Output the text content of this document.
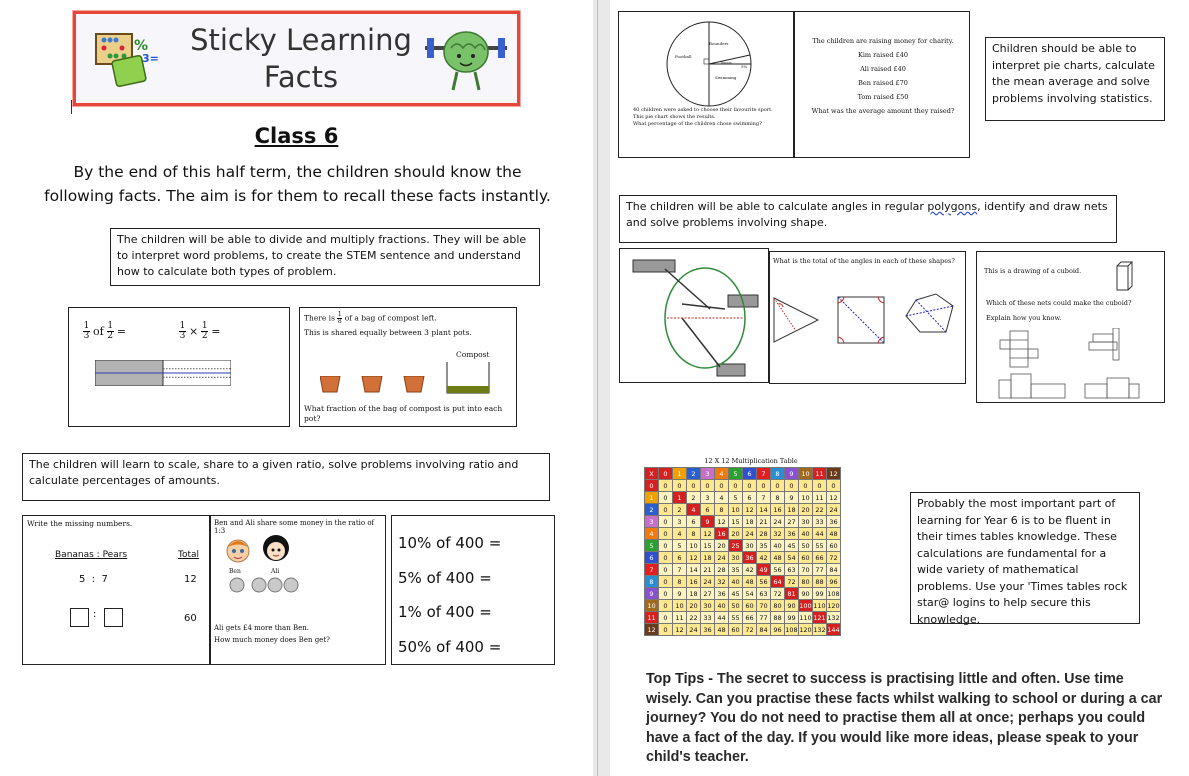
%
3=
Sticky Learning
Facts
Class 6
By the end of this half term, the children should know the following facts. The aim is for them to recall these facts instantly.
The children will be able to divide and multiply fractions. They will be able to interpret word problems, to create the STEM sentence and understand how to calculate both types of problem.
1
3 of 1
2 =	1
3 × 1
2 =
There is $\frac{1}{8}$ of a bag of compost left.
This is shared equally between 3 plant pots.
Compost
What fraction of the bag of compost is put into each pot?
The children will learn to scale, share to a given ratio, solve problems involving ratio and calculate percentages of amounts.
Write the missing numbers.
Bananas : Pears	Total
5  :  7	12
:	60
Ben and Ali share some money in the ratio of 1:3
Ben	Ali
Ali gets £4 more than Ben.
How much money does Ben get?
10% of 400 =
5% of 400 =
1% of 400 =
50% of 400 =
Rounders
Football
Tennis
5%
Swimming
40 children were asked to choose their favourite sport.
This pie chart shows the results.
What percentage of the children chose swimming?
The children are raising money for charity.
Kim raised £40
Ali raised £40
Ben raised £70
Tom raised £50
What was the average amount they raised?
Children should be able to interpret pie charts, calculate the mean average and solve problems involving statistics.
The children will be able to calculate angles in regular polygons, identify and draw nets and solve problems involving shape.
What is the total of the angles in each of these shapes?
This is a drawing of a cuboid.
Which of these nets could make the cuboid?
Explain how you know.
12 X 12 Multiplication Table
X	0	1	2	3	4	5	6	7	8	9	10	11	12
0	0	0	0	0	0	0	0	0	0	0	0	0	0
1	0	1	2	3	4	5	6	7	8	9	10	11	12
2	0	2	4	6	8	10	12	14	16	18	20	22	24
3	0	3	6	9	12	15	18	21	24	27	30	33	36
4	0	4	8	12	16	20	24	28	32	36	40	44	48
5	0	5	10	15	20	25	30	35	40	45	50	55	60
6	0	6	12	18	24	30	36	42	48	54	60	66	72
7	0	7	14	21	28	35	42	49	56	63	70	77	84
8	0	8	16	24	32	40	48	56	64	72	80	88	96
9	0	9	18	27	36	45	54	63	72	81	90	99	108
10	0	10	20	30	40	50	60	70	80	90	100	110	120
11	0	11	22	33	44	55	66	77	88	99	110	121	132
12	0	12	24	36	48	60	72	84	96	108	120	132	144
Probably the most important part of learning for Year 6 is to be fluent in their times tables knowledge. These calculations are fundamental for a wide variety of mathematical problems. Use your 'Times tables rock star@ logins to help secure this knowledge.
Top Tips - The secret to success is practising little and often. Use time wisely. Can you practise these facts whilst walking to school or during a car journey? You do not need to practise them all at once; perhaps you could have a fact of the day. If you would like more ideas, please speak to your child's teacher.
